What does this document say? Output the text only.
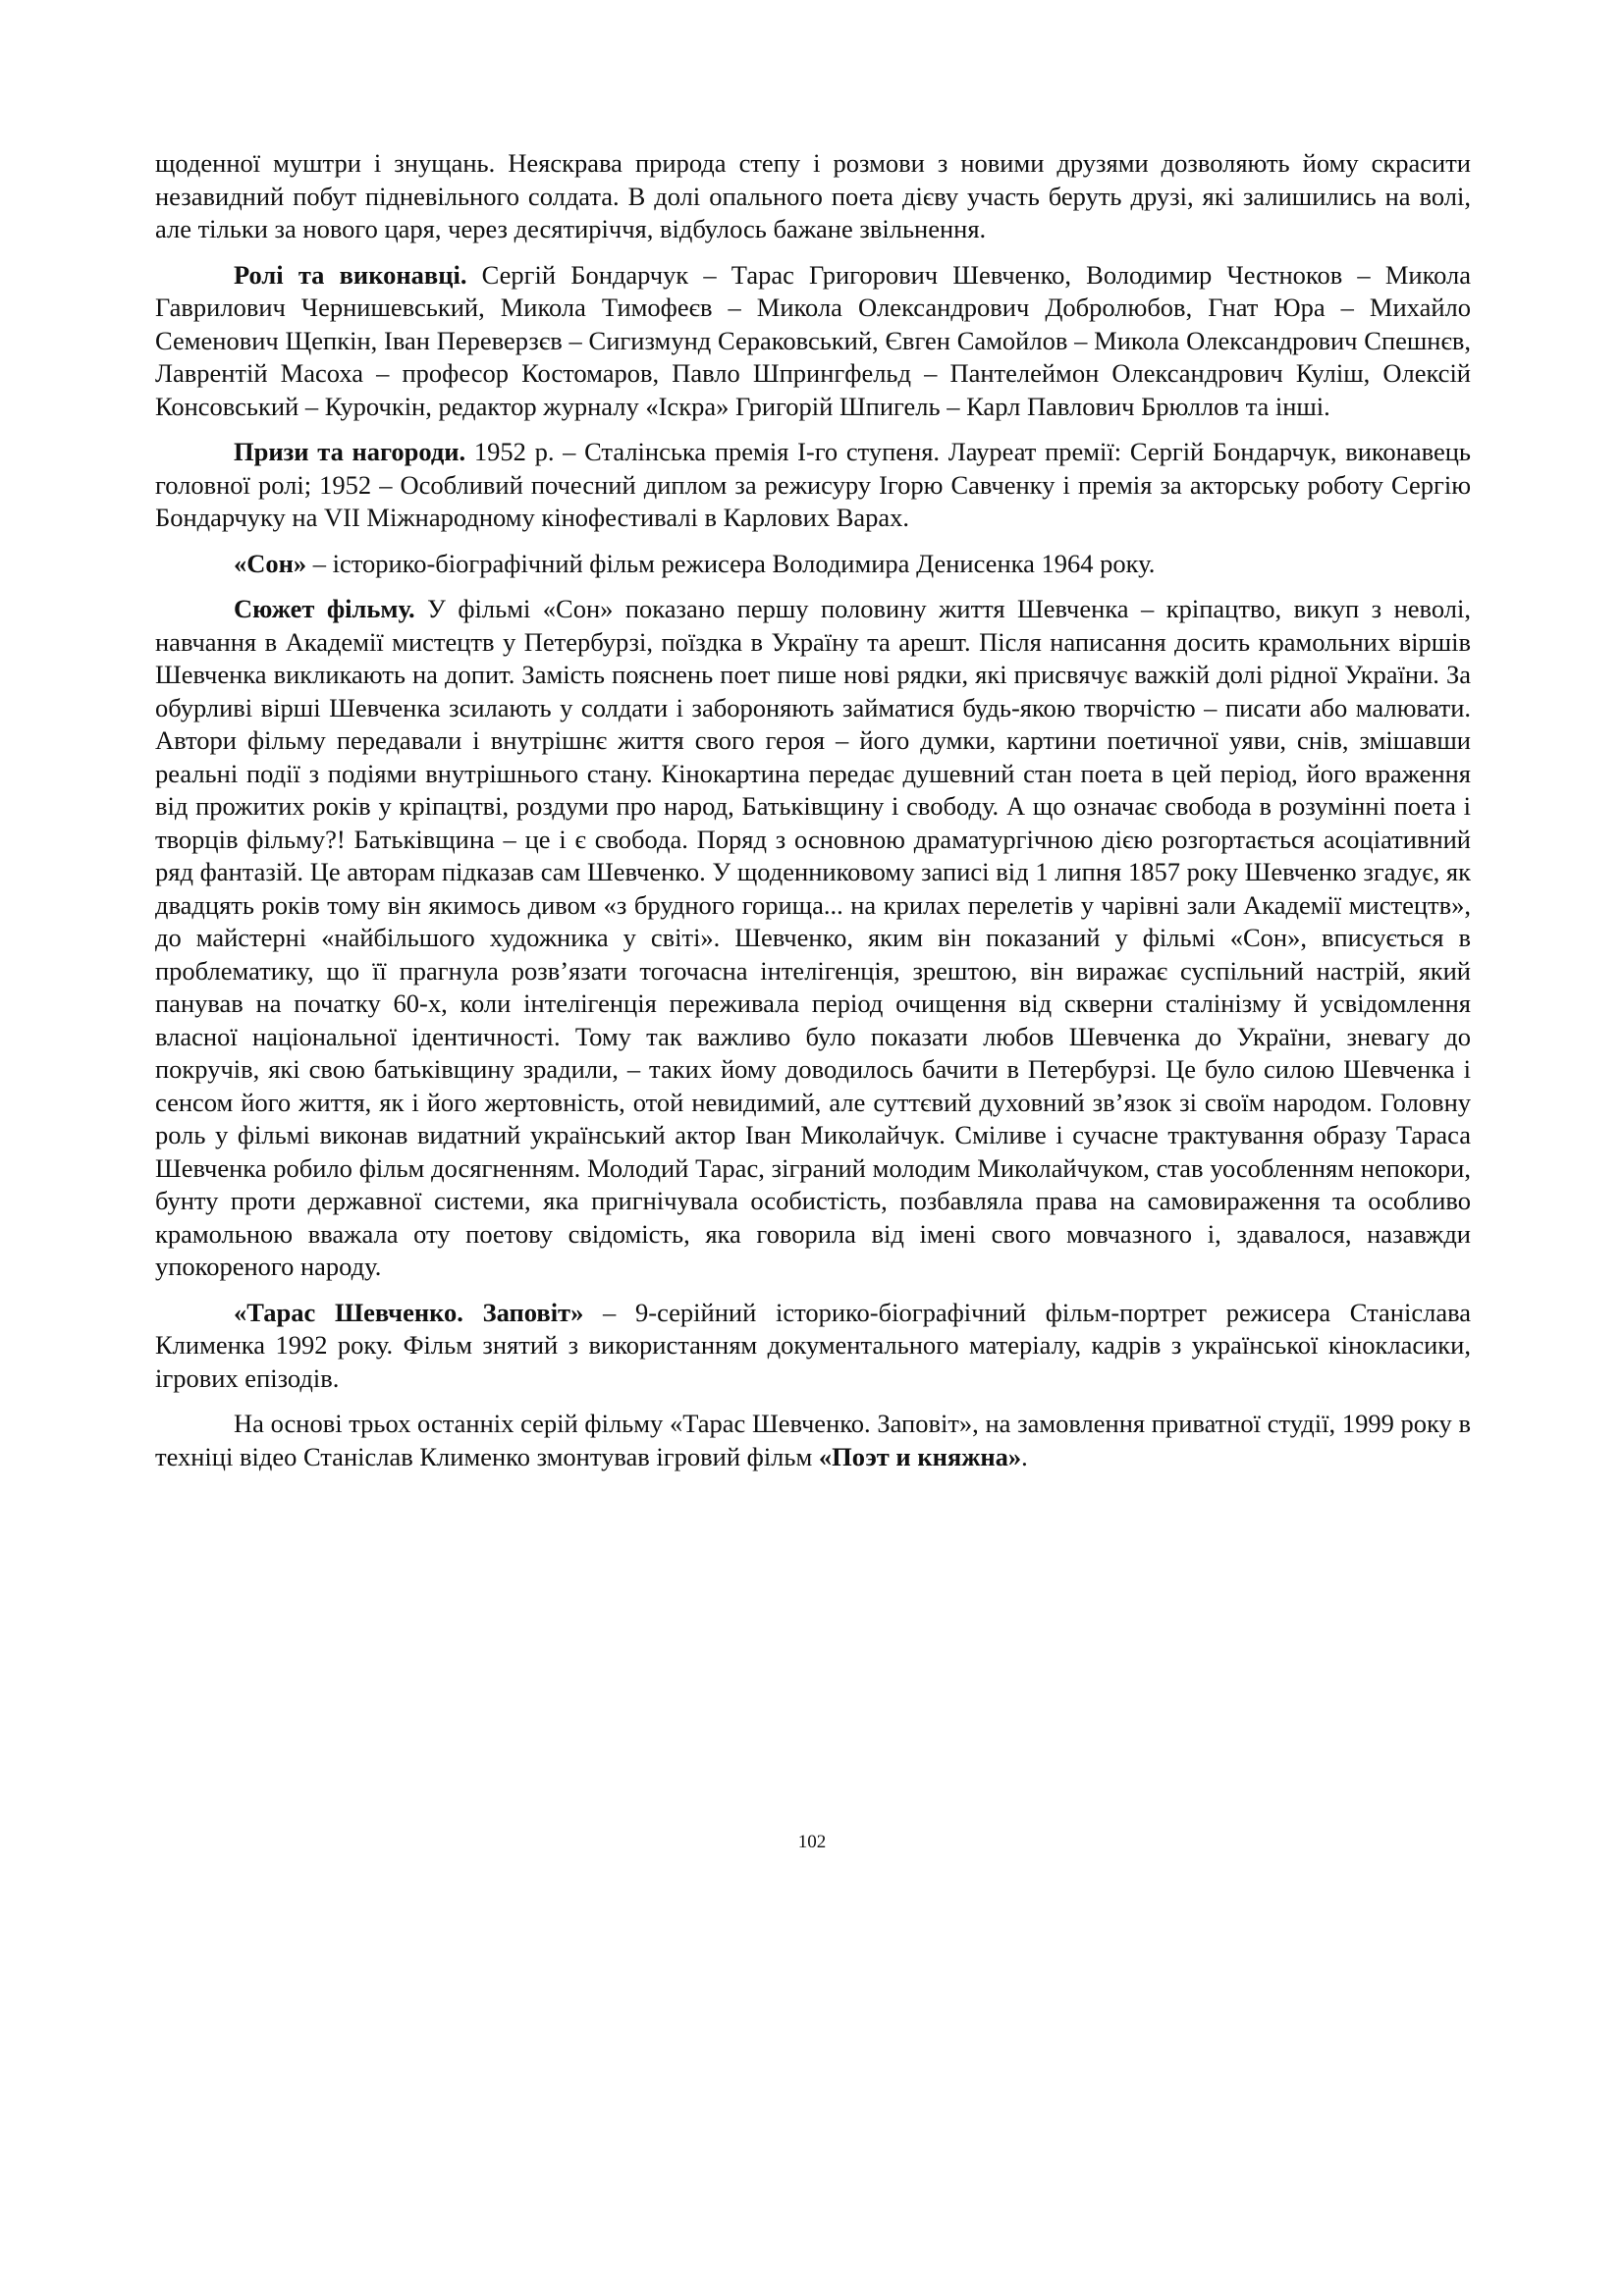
щоденної муштри і знущань. Неяскрава природа степу і розмови з новими друзями дозволяють йому скрасити незавидний побут підневільного солдата. В долі опального поета дієву участь беруть друзі, які залишились на волі, але тільки за нового царя, через десятиріччя, відбулось бажане звільнення.

Ролі та виконавці. Сергій Бондарчук – Тарас Григорович Шевченко, Володимир Честноков – Микола Гаврилович Чернишевський, Микола Тимофеєв – Микола Олександрович Добролюбов, Гнат Юра – Михайло Семенович Щепкін, Іван Переверзєв – Сигизмунд Сераковський, Євген Самойлов – Микола Олександрович Спешнєв, Лаврентій Масоха – професор Костомаров, Павло Шпрингфельд – Пантелеймон Олександрович Куліш, Олексій Консовський – Курочкін, редактор журналу «Іскра» Григорій Шпигель – Карл Павлович Брюллов та інші.

Призи та нагороди. 1952 р. – Сталінська премія І-го ступеня. Лауреат премії: Сергій Бондарчук, виконавець головної ролі; 1952 – Особливий почесний диплом за режисуру Ігорю Савченку і премія за акторську роботу Сергію Бондарчуку на VII Міжнародному кінофестивалі в Карлових Варах.

«Сон» – історико-біографічний фільм режисера Володимира Денисенка 1964 року.

Сюжет фільму. У фільмі «Сон» показано першу половину життя Шевченка – кріпацтво, викуп з неволі, навчання в Академії мистецтв у Петербурзі, поїздка в Україну та арешт. Після написання досить крамольних віршів Шевченка викликають на допит. Замість пояснень поет пише нові рядки, які присвячує важкій долі рідної України. За обурливі вірші Шевченка зсилають у солдати і забороняють займатися будь-якою творчістю – писати або малювати. Автори фільму передавали і внутрішнє життя свого героя – його думки, картини поетичної уяви, снів, змішавши реальні події з подіями внутрішнього стану. Кінокартина передає душевний стан поета в цей період, його враження від прожитих років у кріпацтві, роздуми про народ, Батьківщину і свободу. А що означає свобода в розумінні поета і творців фільму?! Батьківщина – це і є свобода. Поряд з основною драматургічною дією розгортається асоціативний ряд фантазій. Це авторам підказав сам Шевченко. У щоденниковому записі від 1 липня 1857 року Шевченко згадує, як двадцять років тому він якимось дивом «з брудного горища... на крилах перелетів у чарівні зали Академії мистецтв», до майстерні «найбільшого художника у світі». Шевченко, яким він показаний у фільмі «Сон», вписується в проблематику, що її прагнула розв’язати тогочасна інтелігенція, зрештою, він виражає суспільний настрій, який панував на початку 60-х, коли інтелігенція переживала період очищення від скверни сталінізму й усвідомлення власної національної ідентичності. Тому так важливо було показати любов Шевченка до України, зневагу до покручів, які свою батьківщину зрадили, – таких йому доводилось бачити в Петербурзі. Це було силою Шевченка і сенсом його життя, як і його жертовність, отой невидимий, але суттєвий духовний зв’язок зі своїм народом. Головну роль у фільмі виконав видатний український актор Іван Миколайчук. Сміливе і сучасне трактування образу Тараса Шевченка робило фільм досягненням. Молодий Тарас, зіграний молодим Миколайчуком, став уособленням непокори, бунту проти державної системи, яка пригнічувала особистість, позбавляла права на самовираження та особливо крамольною вважала оту поетову свідомість, яка говорила від імені свого мовчазного і, здавалося, назавжди упокореного народу.

«Тарас Шевченко. Заповіт» – 9-серійний історико-біографічний фільм-портрет режисера Станіслава Клименка 1992 року. Фільм знятий з використанням документального матеріалу, кадрів з української кінокласики, ігрових епізодів.

На основі трьох останніх серій фільму «Тарас Шевченко. Заповіт», на замовлення приватної студії, 1999 року в техніці відео Станіслав Клименко змонтував ігровий фільм «Поэт и княжна».

102
